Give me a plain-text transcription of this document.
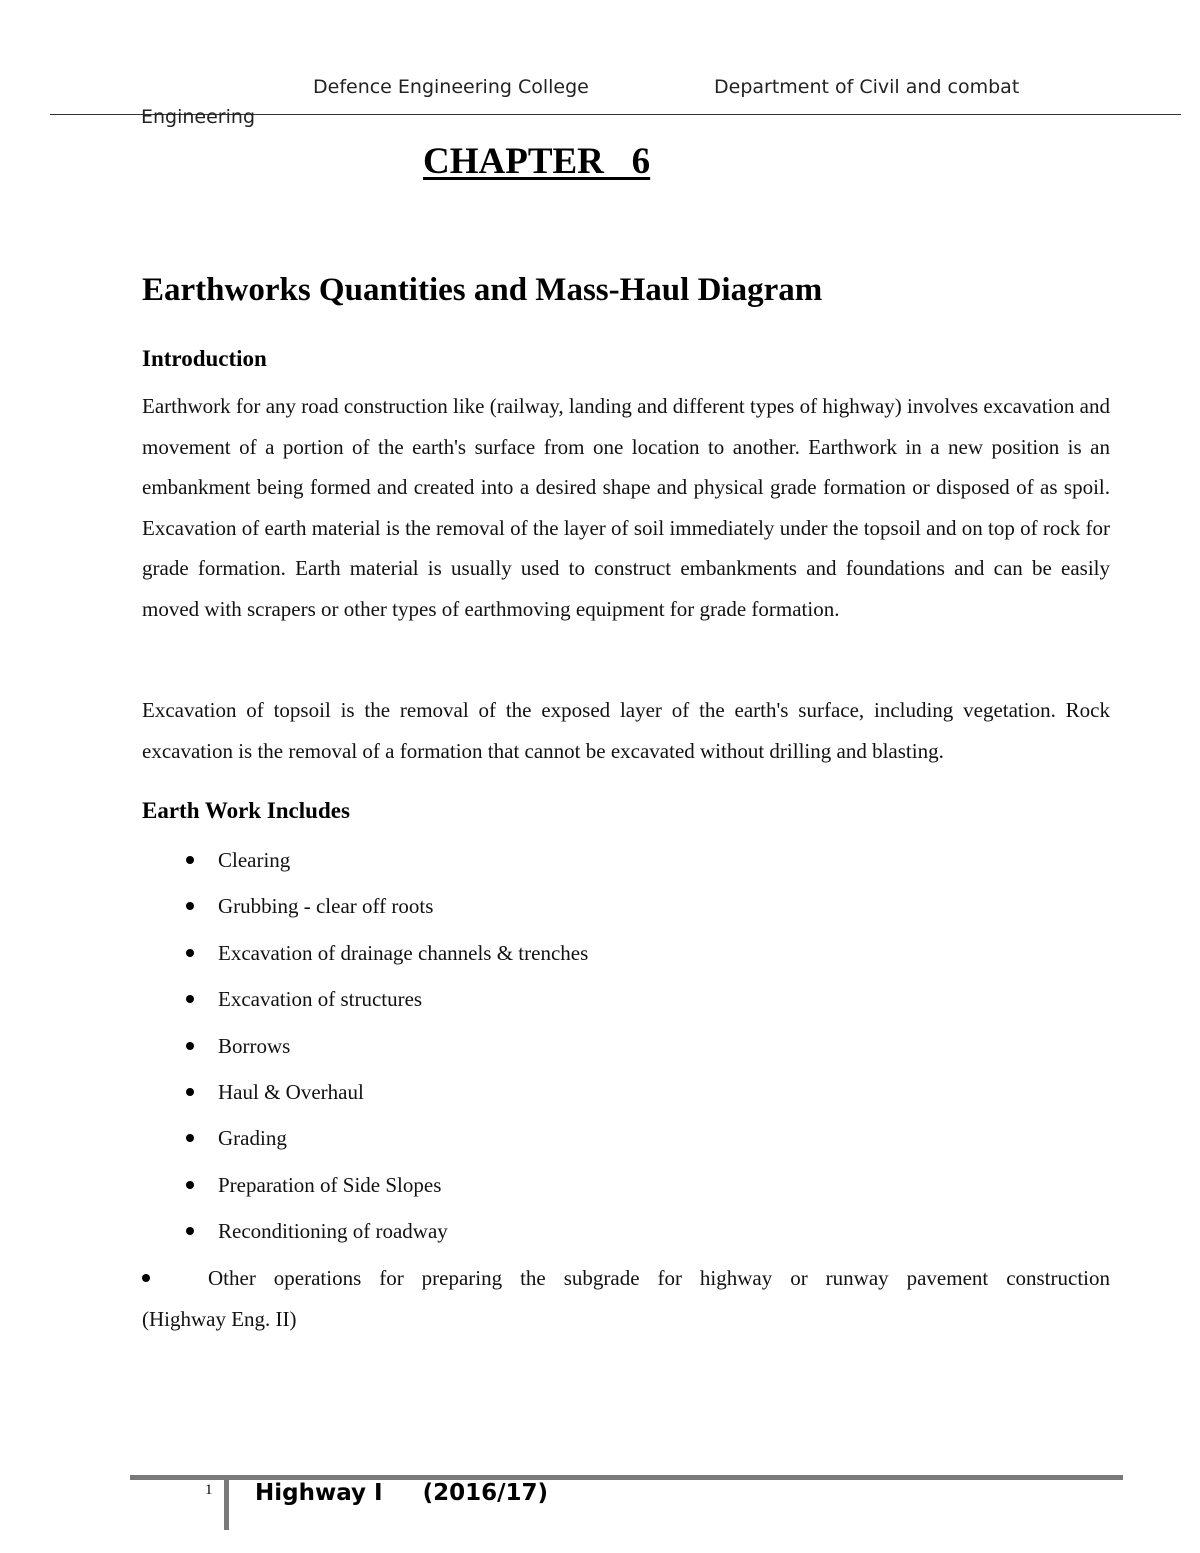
Defence Engineering College	Department of Civil and combat
Engineering
CHAPTER   6
Earthworks Quantities and Mass-Haul Diagram
Introduction

Earthwork for any road construction like (railway, landing and different types of highway) involves excavation and movement of a portion of the earth's surface from one location to another. Earthwork in a new position is an embankment being formed and created into a desired shape and physical grade formation or disposed of as spoil. Excavation of earth material is the removal of the layer of soil immediately under the topsoil and on top of rock for grade formation. Earth material is usually used to construct embankments and foundations and can be easily moved with scrapers or other types of earthmoving equipment for grade formation.

Excavation of topsoil is the removal of the exposed layer of the earth's surface, including vegetation. Rock excavation is the removal of a formation that cannot be excavated without drilling and blasting.

Earth Work Includes
Clearing
Grubbing - clear off roots
Excavation of drainage channels & trenches
Excavation of structures
Borrows
Haul & Overhaul
Grading
Preparation of Side Slopes
Reconditioning of roadway
Other operations for preparing the subgrade for highway or runway pavement construction
(Highway Eng. II)
1 Highway I     (2016/17)
